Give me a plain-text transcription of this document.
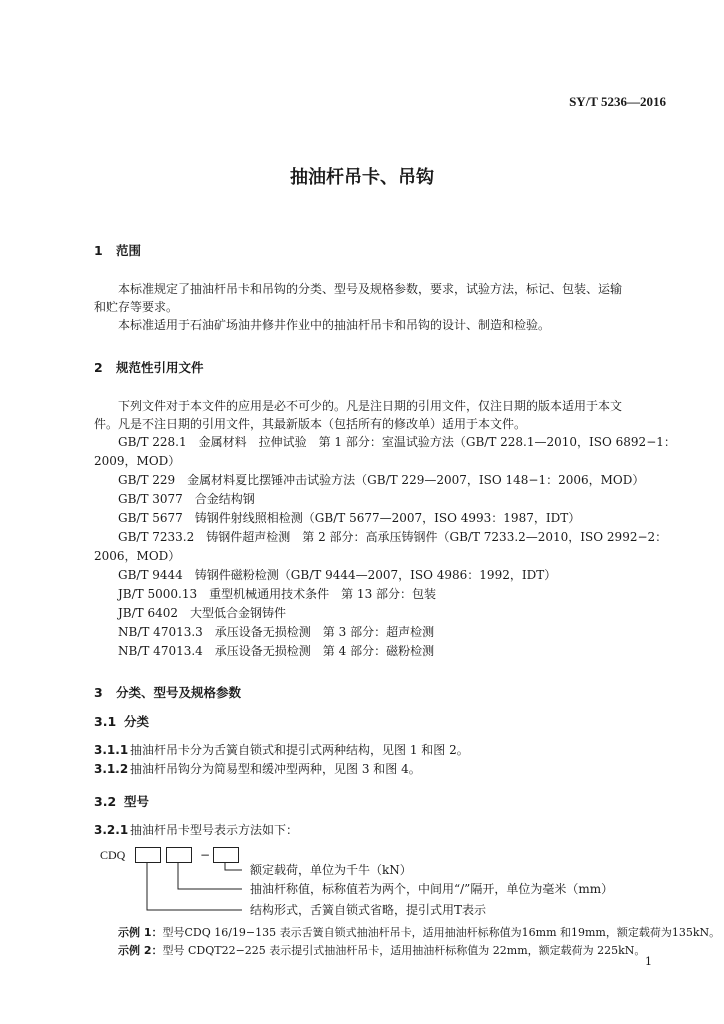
SY/T 5236—2016
抽油杆吊卡、吊钩
1 范围
本标准规定了抽油杆吊卡和吊钩的分类、型号及规格参数，要求，试验方法，标记、包装、运输
和贮存等要求。
本标准适用于石油矿场油井修井作业中的抽油杆吊卡和吊钩的设计、制造和检验。
2 规范性引用文件
下列文件对于本文件的应用是必不可少的。凡是注日期的引用文件，仅注日期的版本适用于本文
件。凡是不注日期的引用文件，其最新版本（包括所有的修改单）适用于本文件。
GB/T 228.1　金属材料　拉伸试验　第 1 部分：室温试验方法（GB/T 228.1—2010，ISO 6892−1：
2009，MOD）
GB/T 229　金属材料夏比摆锤冲击试验方法（GB/T 229—2007，ISO 148−1：2006，MOD）
GB/T 3077　合金结构钢
GB/T 5677　铸钢件射线照相检测（GB/T 5677—2007，ISO 4993：1987，IDT）
GB/T 7233.2　铸钢件超声检测　第 2 部分：高承压铸钢件（GB/T 7233.2—2010，ISO 2992−2：
2006，MOD）
GB/T 9444　铸钢件磁粉检测（GB/T 9444—2007，ISO 4986：1992，IDT）
JB/T 5000.13　重型机械通用技术条件　第 13 部分：包装
JB/T 6402　大型低合金钢铸件
NB/T 47013.3　承压设备无损检测　第 3 部分：超声检测
NB/T 47013.4　承压设备无损检测　第 4 部分：磁粉检测
3 分类、型号及规格参数
3.1 分类
3.1.1 抽油杆吊卡分为舌簧自锁式和提引式两种结构，见图 1 和图 2。
3.1.2 抽油杆吊钩分为简易型和缓冲型两种，见图 3 和图 4。
3.2 型号
3.2.1 抽油杆吊卡型号表示方法如下：
CDQ	−
额定载荷，单位为千牛（kN）
抽油杆称值，标称值若为两个，中间用“/”隔开，单位为毫米（mm）
结构形式，舌簧自锁式省略，提引式用T表示
示例 1：型号CDQ 16/19−135 表示舌簧自锁式抽油杆吊卡，适用抽油杆标称值为16mm 和19mm，额定载荷为135kN。
示例 2：型号 CDQT22−225 表示提引式抽油杆吊卡，适用抽油杆标称值为 22mm，额定载荷为 225kN。
1
